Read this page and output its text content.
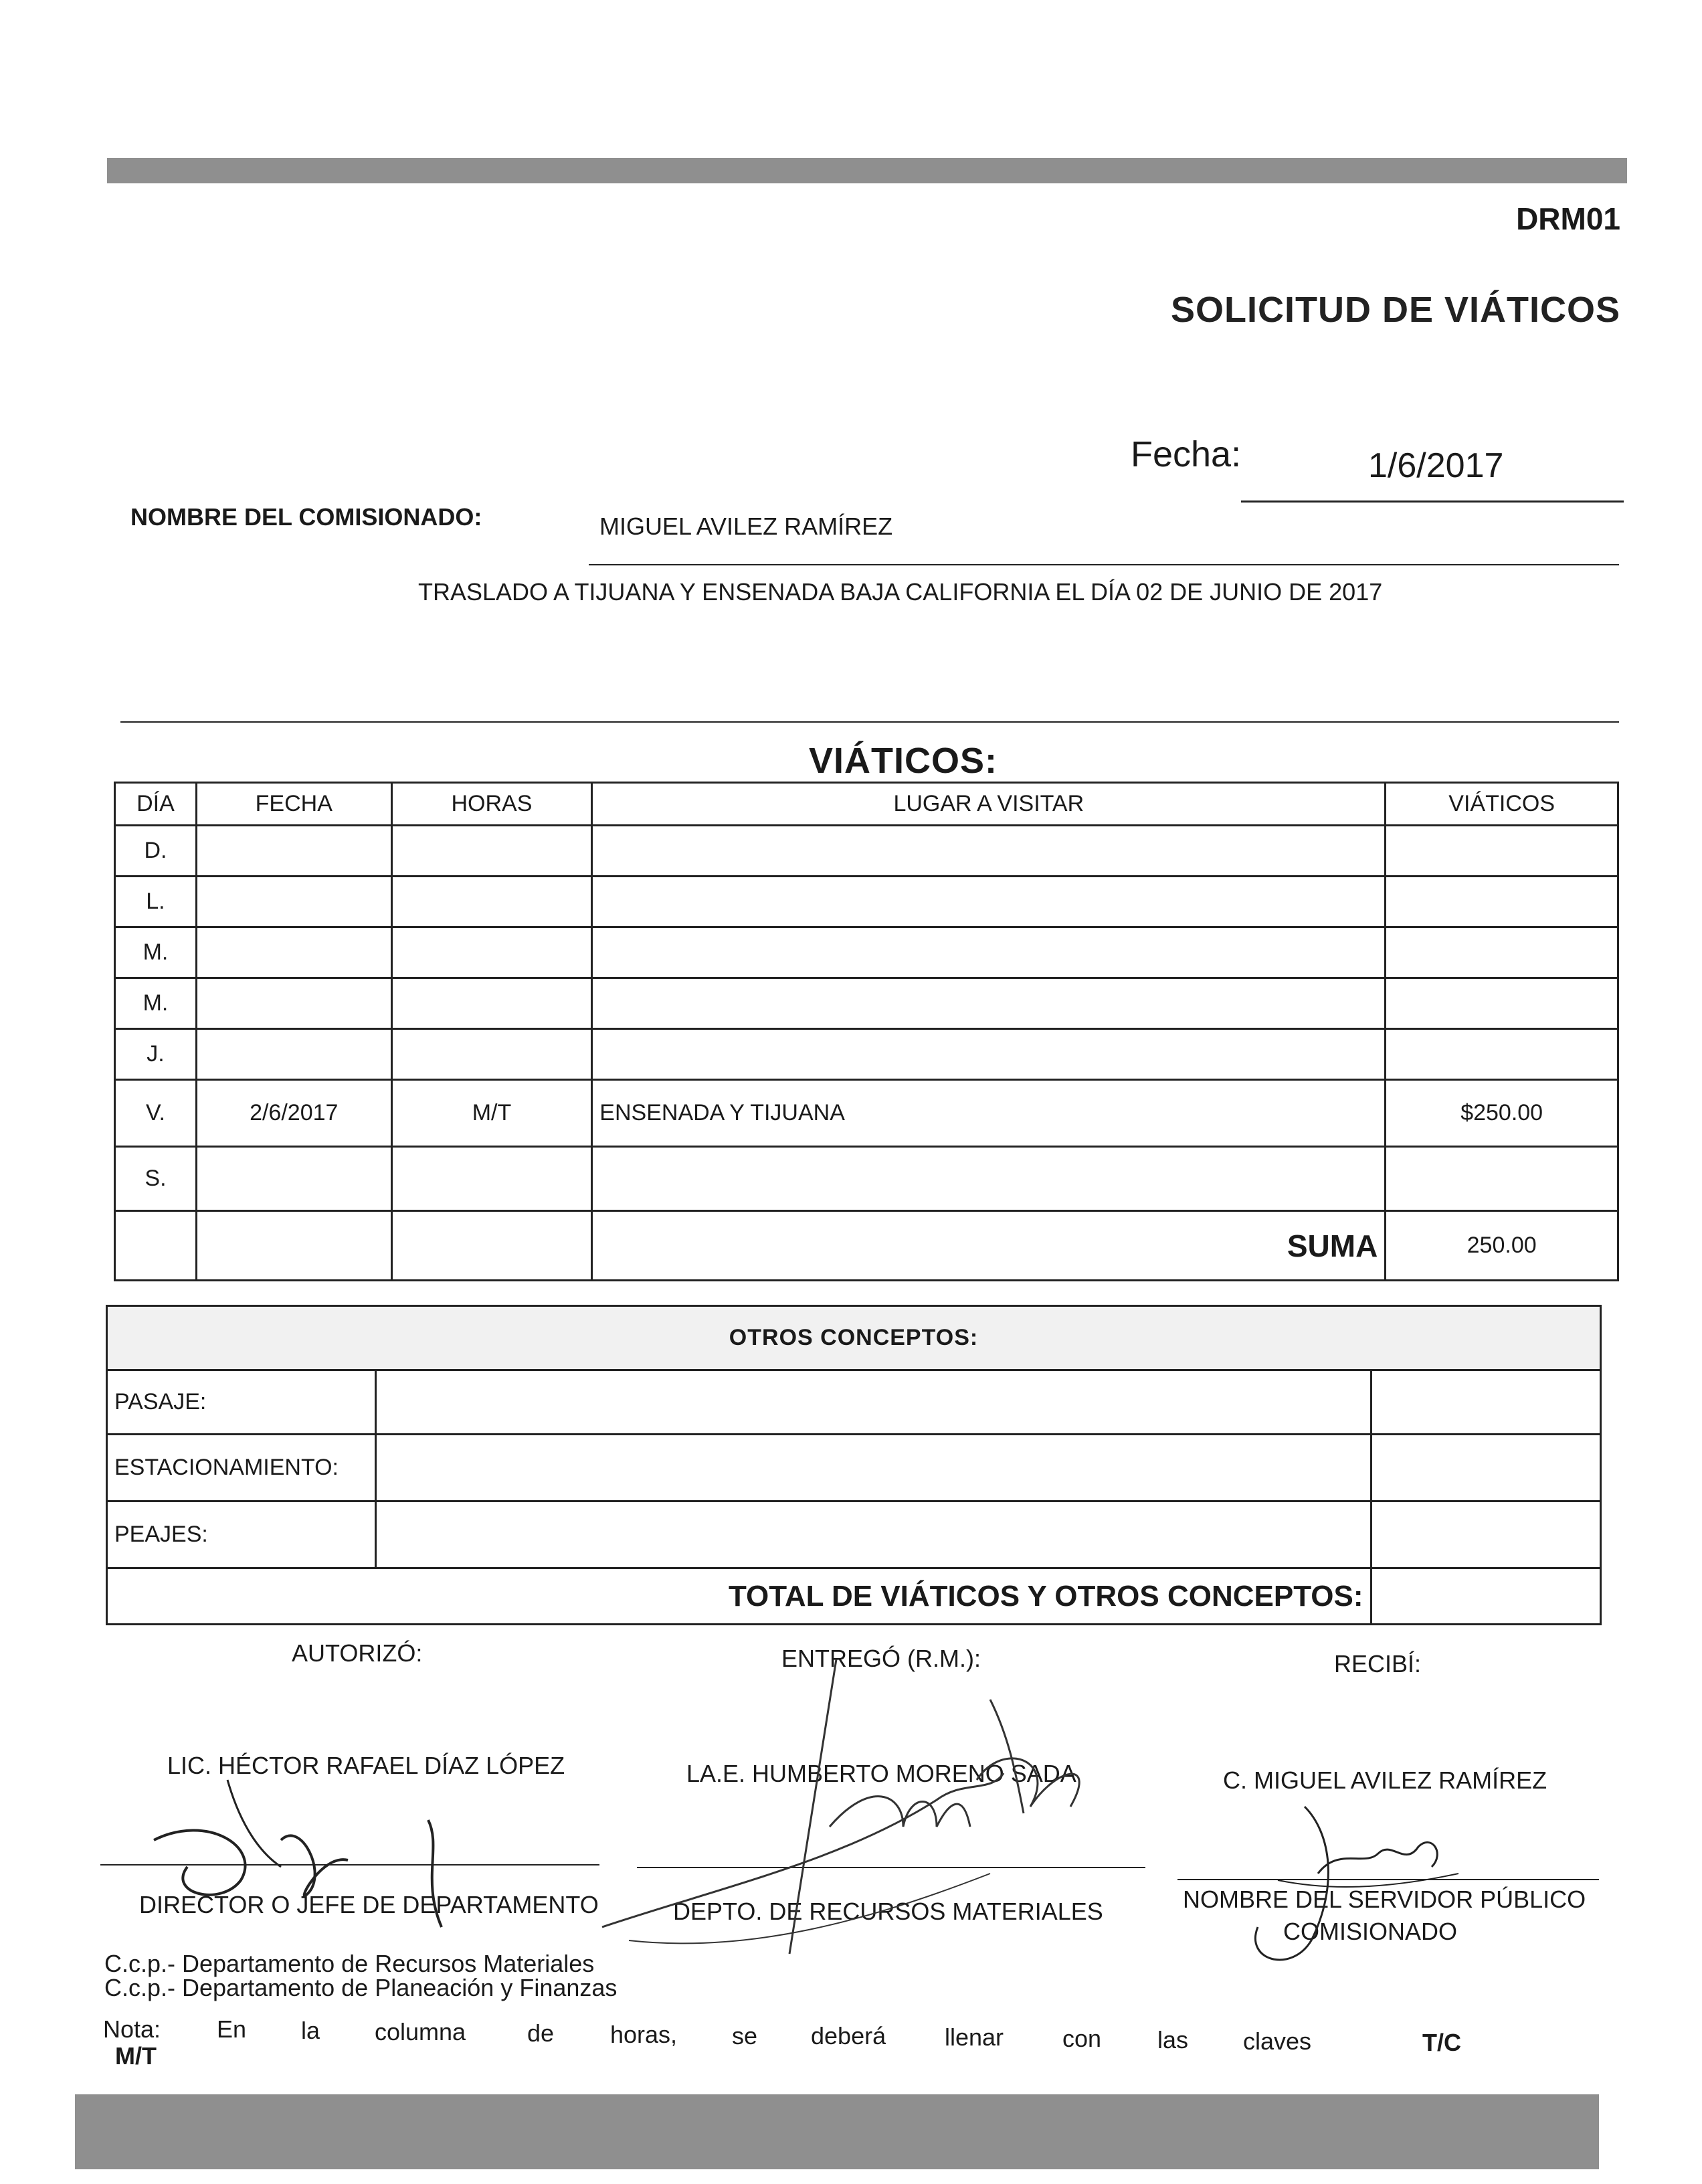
DRM01
SOLICITUD DE VIÁTICOS
Fecha:	1/6/2017
NOMBRE DEL COMISIONADO:	MIGUEL AVILEZ RAMÍREZ
TRASLADO A TIJUANA Y ENSENADA BAJA CALIFORNIA EL DÍA 02 DE JUNIO DE 2017
VIÁTICOS:
DÍA	FECHA	HORAS	LUGAR A VISITAR	VIÁTICOS
D.				
L.				
M.				
M.				
J.				
V.	2/6/2017	M/T	ENSENADA Y TIJUANA	$250.00
S.				
			SUMA	250.00
OTROS CONCEPTOS:		
PASAJE:		
ESTACIONAMIENTO:		
PEAJES:		
TOTAL DE VIÁTICOS Y OTROS CONCEPTOS:		
AUTORIZÓ:	ENTREGÓ (R.M.):	RECIBÍ:
LIC. HÉCTOR RAFAEL DÍAZ LÓPEZ	LA.E. HUMBERTO MORENO SADA	C. MIGUEL AVILEZ RAMÍREZ
DIRECTOR O JEFE DE DEPARTAMENTO	DEPTO. DE RECURSOS MATERIALES	NOMBRE DEL SERVIDOR PÚBLICO
COMISIONADO
C.c.p.- Departamento de Recursos Materiales
C.c.p.- Departamento de Planeación y Finanzas
Nota: En la columna	de horas, se deberá llenar con las claves	T/C
M/T
